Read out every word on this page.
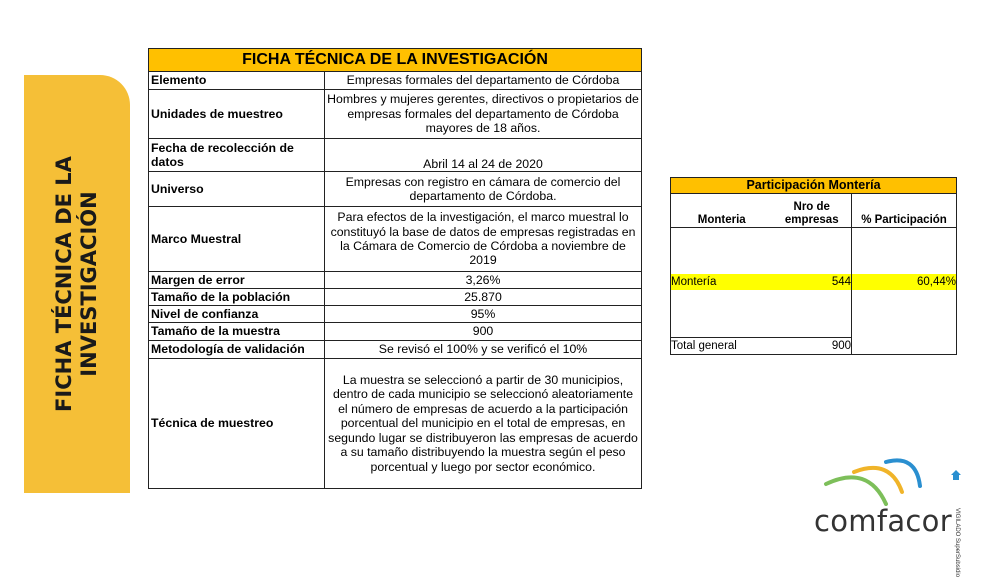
FICHA TÉCNICA DE LA INVESTIGACIÓN
FICHA TÉCNICA DE LA INVESTIGACIÓN	
Elemento	Empresas formales del departamento de Córdoba
Unidades de muestreo	Hombres y mujeres gerentes, directivos o propietarios de empresas formales del departamento de Córdoba mayores de 18 años.
Fecha de recolección de datos	Abril 14 al 24 de 2020
Universo	Empresas con registro en cámara de comercio del departamento de Córdoba.
Marco Muestral	Para efectos de la investigación, el marco muestral lo constituyó la base de datos de empresas registradas en la Cámara de Comercio de Córdoba a noviembre de 2019
Margen de error	3,26%
Tamaño de la población	25.870
Nivel de confianza	95%
Tamaño de la muestra	900
Metodología de validación	Se revisó el 100% y se verificó el 10%
Técnica de muestreo	La muestra se seleccionó a partir de 30 municipios, dentro de cada municipio se seleccionó aleatoriamente el número de empresas de acuerdo a la participación porcentual del municipio en el total de empresas, en segundo lugar se distribuyeron las empresas de acuerdo a su tamaño distribuyendo la muestra según el peso porcentual y luego por sector económico.
Participación Montería		
Monteria	Nro de empresas	% Participación

Montería	544	60,44%

Total general	900	
comfacor VIGILADO SuperSubsidio
